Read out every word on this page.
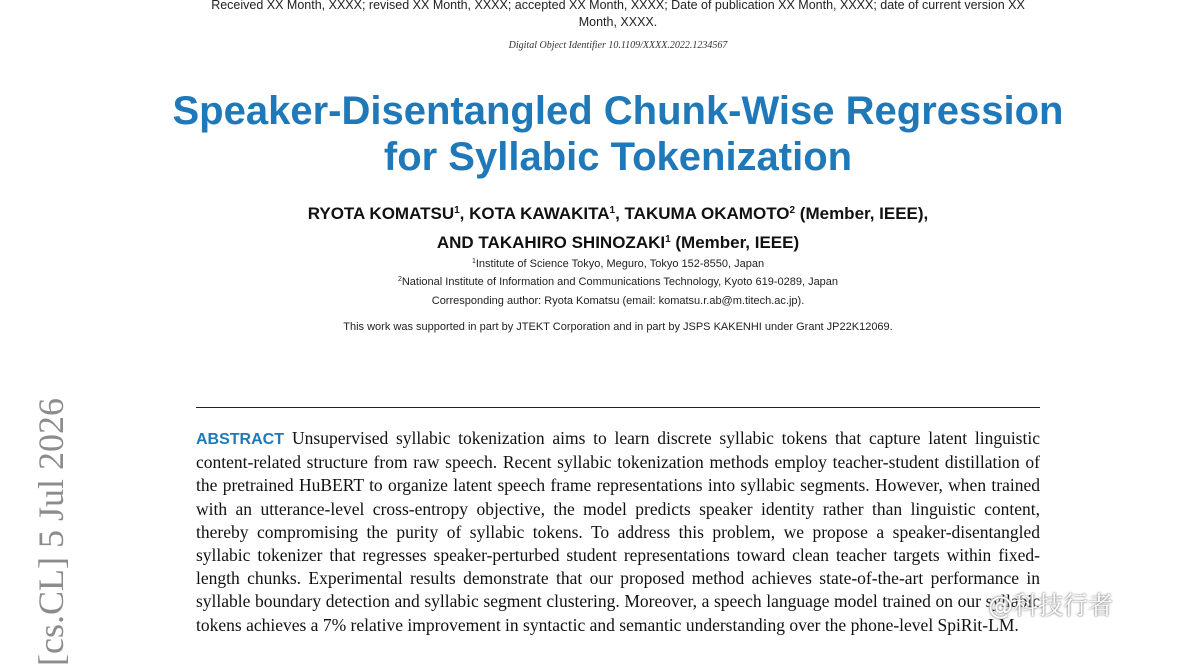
Received XX Month, XXXX; revised XX Month, XXXX; accepted XX Month, XXXX; Date of publication XX Month, XXXX; date of current version XX Month, XXXX.
Digital Object Identifier 10.1109/XXXX.2022.1234567
Speaker-Disentangled Chunk-Wise Regression for Syllabic Tokenization
RYOTA KOMATSU$^1$, KOTA KAWAKITA$^1$, TAKUMA OKAMOTO$^2$ (Member, IEEE),
AND TAKAHIRO SHINOZAKI$^1$ (Member, IEEE)
$^1$Institute of Science Tokyo, Meguro, Tokyo 152-8550, Japan
$^2$National Institute of Information and Communications Technology, Kyoto 619-0289, Japan
Corresponding author: Ryota Komatsu (email: komatsu.r.ab@m.titech.ac.jp).
This work was supported in part by JTEKT Corporation and in part by JSPS KAKENHI under Grant JP22K12069.
ABSTRACT Unsupervised syllabic tokenization aims to learn discrete syllabic tokens that capture latent linguistic content-related structure from raw speech. Recent syllabic tokenization methods employ teacher-student distillation of the pretrained HuBERT to organize latent speech frame representations into syllabic segments. However, when trained with an utterance-level cross-entropy objective, the model predicts speaker identity rather than linguistic content, thereby compromising the purity of syllabic tokens. To address this problem, we propose a speaker-disentangled syllabic tokenizer that regresses speaker-perturbed student representations toward clean teacher targets within fixed-length chunks. Experimental results demonstrate that our proposed method achieves state-of-the-art performance in syllable boundary detection and syllabic segment clustering. Moreover, a speech language model trained on our syllabic tokens achieves a 7% relative improvement in syntactic and semantic understanding over the phone-level SpiRit-LM.
[cs.CL] 5 Jul 2026	@科技行者
